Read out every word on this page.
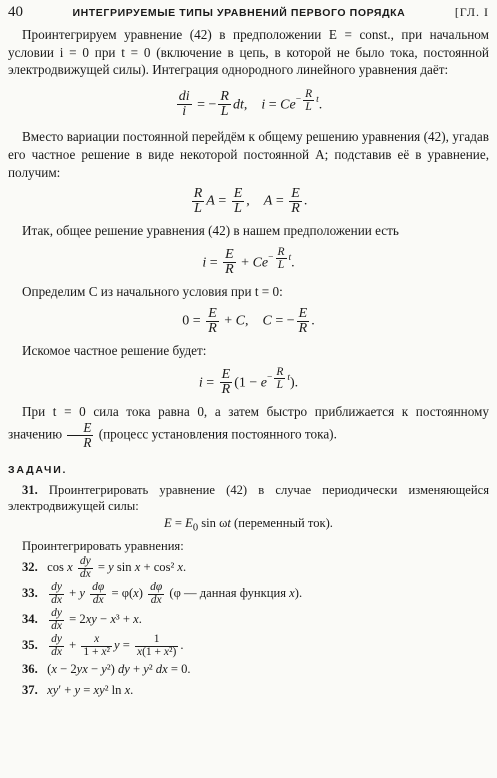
40	ИНТЕГРИРУЕМЫЕ ТИПЫ УРАВНЕНИЙ ПЕРВОГО ПОРЯДКА	[ГЛ. I

Проинтегрируем уравнение (42) в предположении E = const., при начальном условии i = 0 при t = 0 (включение в цепь, в которой не было тока, постоянной электродвижущей силы). Интеграция однородного линейного уравнения даёт:

$\frac{di}{i}$ = − $\frac{R}{L}$ dt,    $i = Ce^{- \frac{R}{L} t}$.

Вместо вариации постоянной перейдём к общему решению уравнения (42), угадав его частное решение в виде некоторой постоянной A; подставив её в уравнение, получим:

$\frac{R}{L}$ $A = \frac{E}{L}$ ,    $A = \frac{E}{R}$ .

Итак, общее решение уравнения (42) в нашем предположении есть

$i = \frac{E}{R} + Ce^{- \frac{R}{L} t}$.

Определим C из начального условия при t = 0:

$0 = \frac{E}{R} + C$,    C = − $\frac{E}{R}$ .

Искомое частное решение будет:

$i = \frac{E}{R} (1 - e^{- \frac{R}{L} t})$.

При t = 0 сила тока равна 0, а затем быстро приближается к постоянному значению $\frac{E}{R}$ (процесс установления постоянного тока).

ЗАДАЧИ.

31. Проинтегрировать уравнение (42) в случае периодически изменяющейся электродвижущей силы:

$E = E_0$ sin ωt (переменный ток).
Проинтегрировать уравнения:
32. cos x $\frac{dy}{dx} = y$ sin x + cos² x.
33. $\frac{dy}{dx} + y \frac{d\varphi}{dx} = \varphi(x) \frac{d\varphi}{dx} (\varphi$ — данная функция x).
34. $\frac{dy}{dx} = 2xy - x^3 + x$.
35. $\frac{dy}{dx} + \frac{x}{\text{1 + x²}}$ $y = \frac{1}{\text{x(1 + x²)}}$ .
36. (x − 2yx − y²) dy + y² dx = 0.
37. xy′ + y = xy² ln x.
